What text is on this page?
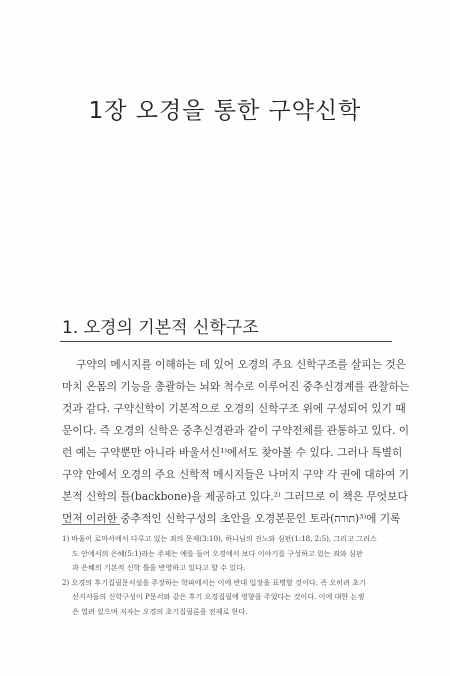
1장 오경을 통한 구약신학
1. 오경의 기본적 신학구조
구약의 메시지를 이해하는 데 있어 오경의 주요 신학구조를 살피는 것은
마치 온몸의 기능을 총괄하는 뇌와 척수로 이루어진 중추신경계를 관찰하는
것과 같다. 구약신학이 기본적으로 오경의 신학구조 위에 구성되어 있기 때
문이다. 즉 오경의 신학은 중추신경관과 같이 구약전체를 관통하고 있다. 이
런 예는 구약뿐만 아니라 바울서신¹⁾에서도 찾아볼 수 있다. 그러나 특별히
구약 안에서 오경의 주요 신학적 메시지들은 나머지 구약 각 권에 대하여 기
본적 신학의 틀(backbone)을 제공하고 있다.²⁾ 그러므로 이 책은 무엇보다
먼저 이러한 중추적인 신학구성의 초안을 오경본문인 토라(תורה)³⁾에 기록
1) 바울이 로마서에서 다루고 있는 죄의 문제(3:10), 하나님의 진노와 심판(1:18, 2:5), 그리고 그리스
도 안에서의 은혜(5:1)라는 주제는 예를 들어 오경에서 보다 이야기를 구성하고 있는 죄와 심판
과 은혜의 기본적 신학 틀을 반영하고 있다고 할 수 있다.
2) 오경의 후기집필문서설을 주장하는 학파에서는 이에 반대 입장을 표명할 것이다. 즉 오히려 초기
선지서들의 신학구성이 P문서와 같은 후기 오경집필에 영향을 주었다는 것이다. 이에 대한 논쟁
은 열려 있으며 저자는 오경의 초기집필론을 전제로 한다.
